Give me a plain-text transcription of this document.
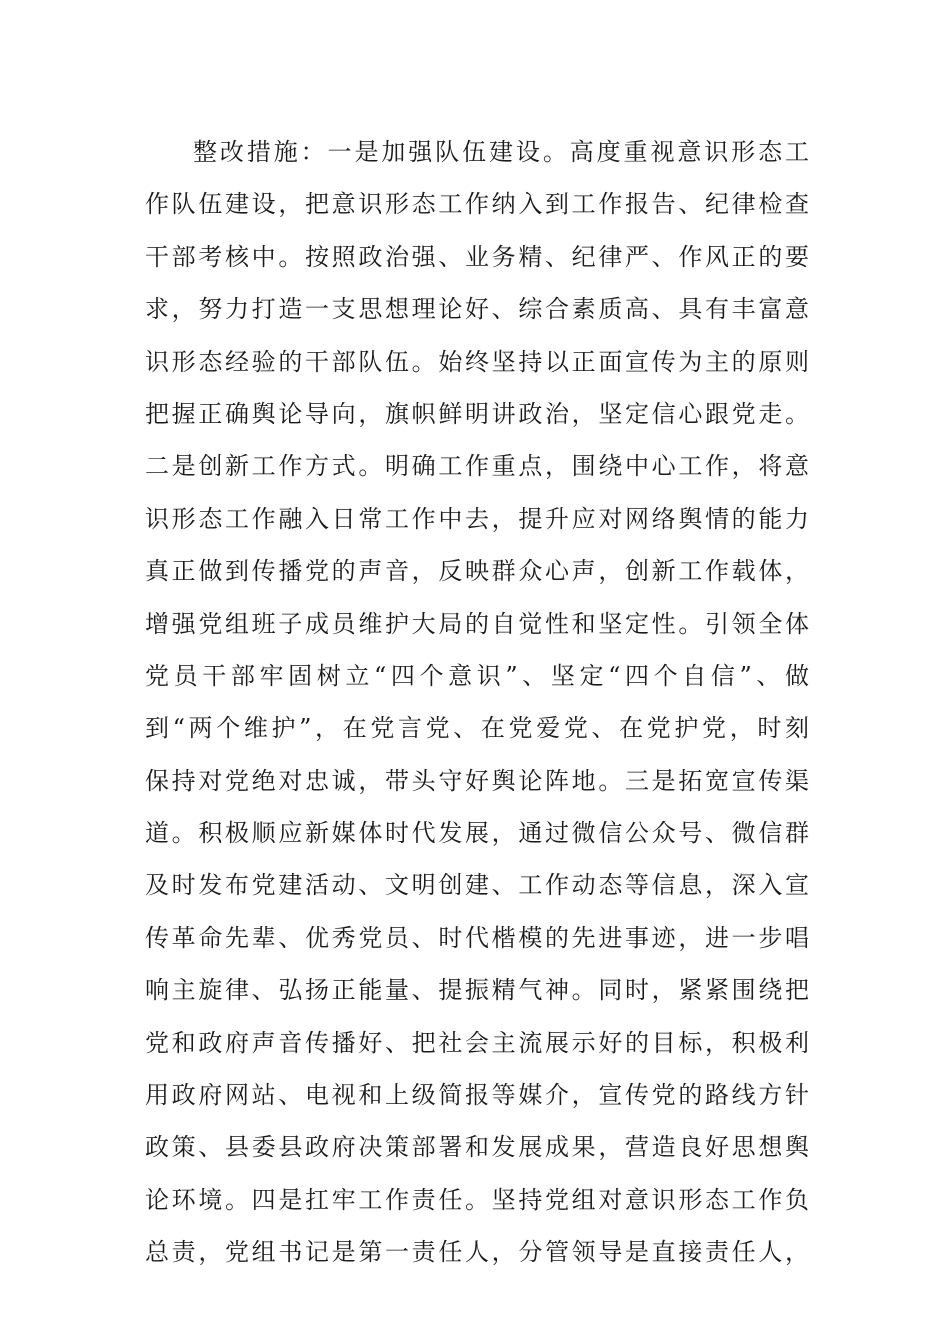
整改措施：一是加强队伍建设。高度重视意识形态工
作队伍建设，把意识形态工作纳入到工作报告、纪律检查
干部考核中。按照政治强、业务精、纪律严、作风正的要
求，努力打造一支思想理论好、综合素质高、具有丰富意
识形态经验的干部队伍。始终坚持以正面宣传为主的原则
把握正确舆论导向，旗帜鲜明讲政治，坚定信心跟党走。
二是创新工作方式。明确工作重点，围绕中心工作，将意
识形态工作融入日常工作中去，提升应对网络舆情的能力
真正做到传播党的声音，反映群众心声，创新工作载体，
增强党组班子成员维护大局的自觉性和坚定性。引领全体
党员干部牢固树立“四个意识”、坚定“四个自信”、做
到“两个维护”，在党言党、在党爱党、在党护党，时刻
保持对党绝对忠诚，带头守好舆论阵地。三是拓宽宣传渠
道。积极顺应新媒体时代发展，通过微信公众号、微信群
及时发布党建活动、文明创建、工作动态等信息，深入宣
传革命先辈、优秀党员、时代楷模的先进事迹，进一步唱
响主旋律、弘扬正能量、提振精气神。同时，紧紧围绕把
党和政府声音传播好、把社会主流展示好的目标，积极利
用政府网站、电视和上级简报等媒介，宣传党的路线方针
政策、县委县政府决策部署和发展成果，营造良好思想舆
论环境。四是扛牢工作责任。坚持党组对意识形态工作负
总责，党组书记是第一责任人，分管领导是直接责任人，
